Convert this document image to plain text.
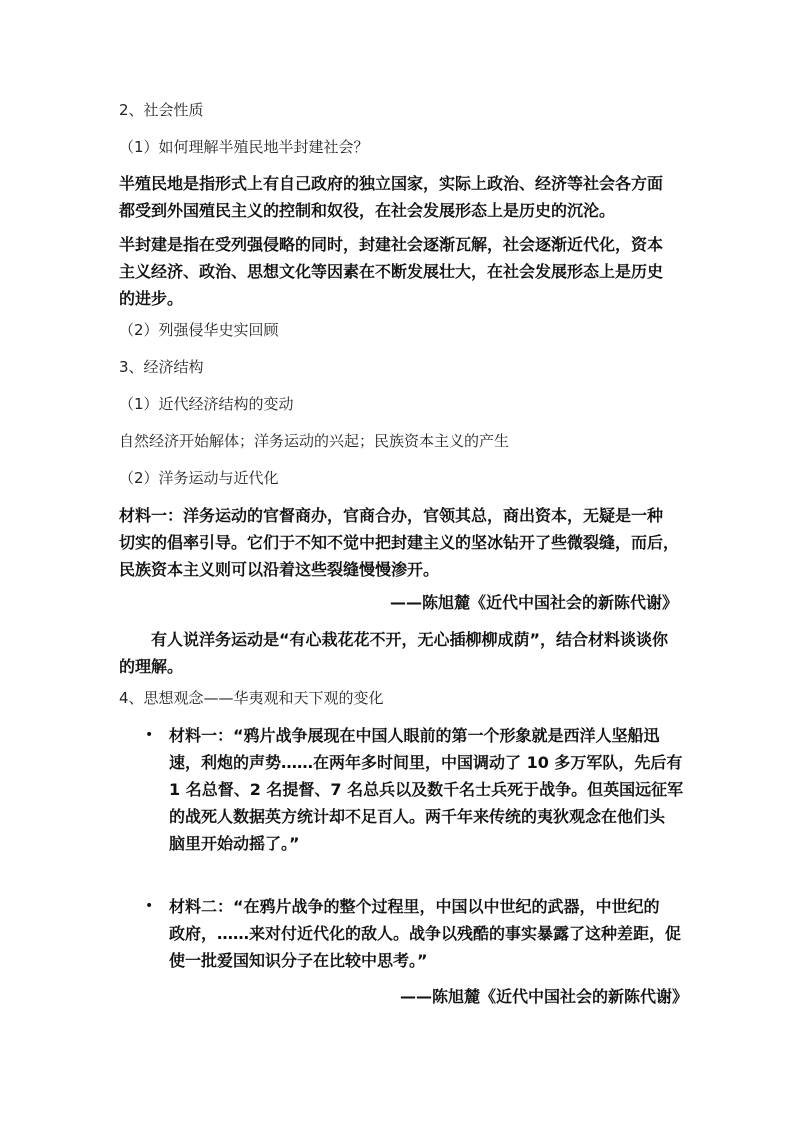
2、社会性质

（1）如何理解半殖民地半封建社会？

半殖民地是指形式上有自己政府的独立国家，实际上政治、经济等社会各方面
都受到外国殖民主义的控制和奴役，在社会发展形态上是历史的沉沦。
半封建是指在受列强侵略的同时，封建社会逐渐瓦解，社会逐渐近代化，资本
主义经济、政治、思想文化等因素在不断发展壮大，在社会发展形态上是历史
的进步。

（2）列强侵华史实回顾

3、经济结构

（1）近代经济结构的变动

自然经济开始解体；洋务运动的兴起；民族资本主义的产生

（2）洋务运动与近代化

材料一：洋务运动的官督商办，官商合办，官领其总，商出资本，无疑是一种
切实的倡率引导。它们于不知不觉中把封建主义的坚冰钻开了些微裂缝，而后，
民族资本主义则可以沿着这些裂缝慢慢渗开。

——陈旭麓《近代中国社会的新陈代谢》

有人说洋务运动是“有心栽花花不开，无心插柳柳成荫”，结合材料谈谈你
的理解。

4、思想观念——华夷观和天下观的变化

• 材料一：“鸦片战争展现在中国人眼前的第一个形象就是西洋人坚船迅
速，利炮的声势……在两年多时间里，中国调动了 10 多万军队，先后有
1 名总督、2 名提督、7 名总兵以及数千名士兵死于战争。但英国远征军
的战死人数据英方统计却不足百人。两千年来传统的夷狄观念在他们头
脑里开始动摇了。”
• 材料二：“在鸦片战争的整个过程里，中国以中世纪的武器，中世纪的
政府，……来对付近代化的敌人。战争以残酷的事实暴露了这种差距，促
使一批爱国知识分子在比较中思考。”

——陈旭麓《近代中国社会的新陈代谢》
